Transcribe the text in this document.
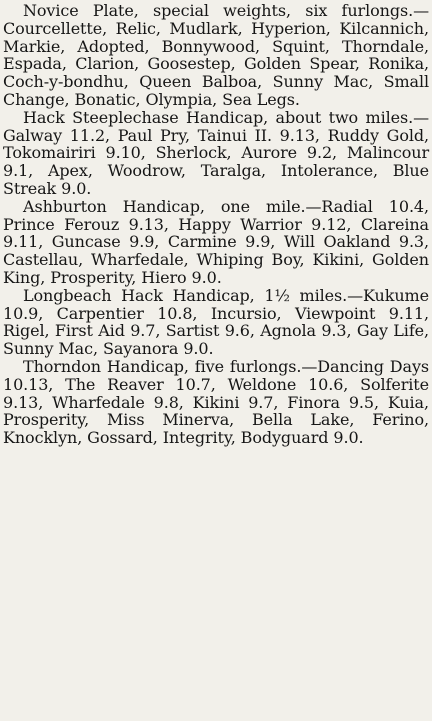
Novice Plate, special weights, six furlongs.—Courcellette, Relic, Mudlark, Hyperion, Kilcannich, Markie, Adopted, Bonnywood, Squint, Thorndale, Espada, Clarion, Goosestep, Golden Spear, Ronika, Coch-y-bondhu, Queen Balboa, Sunny Mac, Small Change, Bonatic, Olympia, Sea Legs.

Hack Steeplechase Handicap, about two miles.—Galway 11.2, Paul Pry, Tainui II. 9.13, Ruddy Gold, Tokomairiri 9.10, Sherlock, Aurore 9.2, Malincour 9.1, Apex, Woodrow, Taralga, Intolerance, Blue Streak 9.0.

Ashburton Handicap, one mile.—Radial 10.4, Prince Ferouz 9.13, Happy Warrior 9.12, Clareina 9.11, Guncase 9.9, Carmine 9.9, Will Oakland 9.3, Castellau, Wharfedale, Whiping Boy, Kikini, Golden King, Prosperity, Hiero 9.0.

Longbeach Hack Handicap, 1½ miles.—Kukume 10.9, Carpentier 10.8, Incursio, Viewpoint 9.11, Rigel, First Aid 9.7, Sartist 9.6, Agnola 9.3, Gay Life, Sunny Mac, Sayanora 9.0.

Thorndon Handicap, five furlongs.—Dancing Days 10.13, The Reaver 10.7, Weldone 10.6, Solferite 9.13, Wharfedale 9.8, Kikini 9.7, Finora 9.5, Kuia, Prosperity, Miss Minerva, Bella Lake, Ferino, Knocklyn, Gossard, Integrity, Bodyguard 9.0.
